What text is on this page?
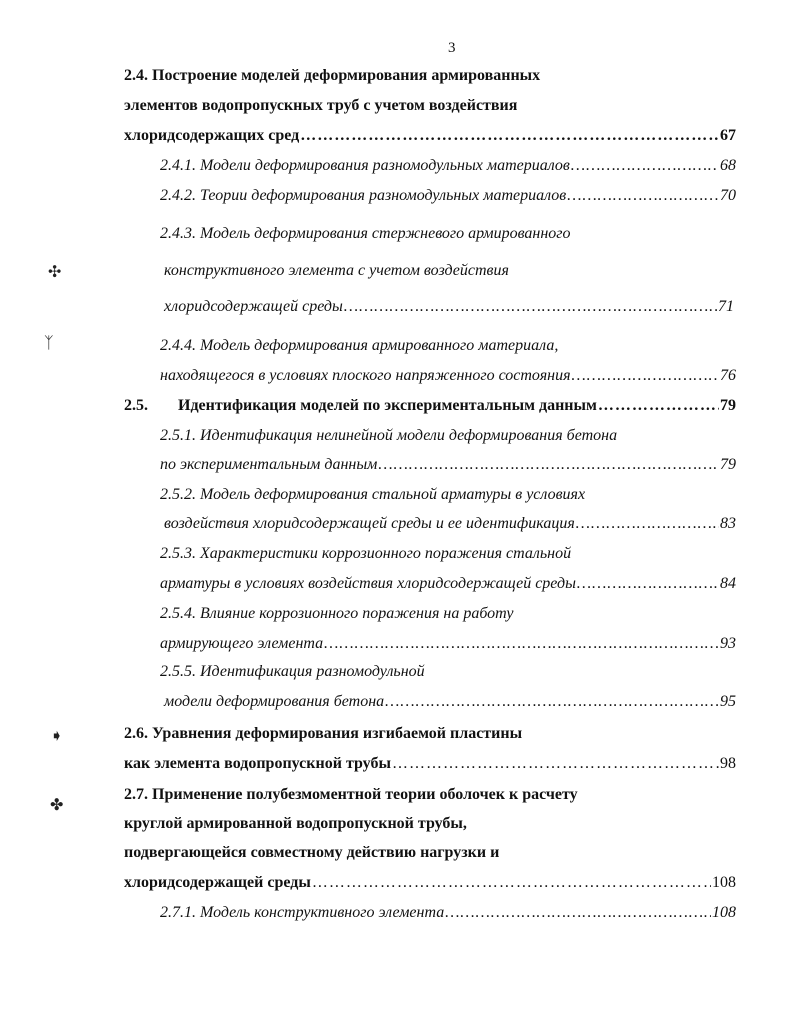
3
✣
ᛉ
➧
✤
2.4. Построение моделей деформирования армированных
элементов водопропускных труб с учетом воздействия
хлоридсодержащих сред ……………………………………………………………………………………………………………………………………………………………	67
2.4.1. Модели деформирования разномодульных материалов ……………………………………………………………………………………………………………………………………………………………	68
2.4.2. Теории деформирования разномодульных материалов ……………………………………………………………………………………………………………………………………………………………	70
2.4.3. Модель деформирования стержневого армированного
конструктивного элемента с учетом воздействия
хлоридсодержащей среды ……………………………………………………………………………………………………………………………………………………………	71
2.4.4. Модель деформирования армированного материала,
находящегося в условиях плоского напряженного состояния ……………………………………………………………………………………………………………………………………………………………	76
2.5.	Идентификация моделей по экспериментальным данным ……………………………………………………………………………………………………………………………………………………………	79
2.5.1. Идентификация нелинейной модели деформирования бетона
по экспериментальным данным ……………………………………………………………………………………………………………………………………………………………	79
2.5.2. Модель деформирования стальной арматуры в условиях
воздействия хлоридсодержащей среды и ее идентификация ……………………………………………………………………………………………………………………………………………………………	83
2.5.3. Характеристики коррозионного поражения стальной
арматуры в условиях воздействия хлоридсодержащей среды ……………………………………………………………………………………………………………………………………………………………	84
2.5.4. Влияние коррозионного поражения на работу
армирующего элемента ……………………………………………………………………………………………………………………………………………………………	93
2.5.5. Идентификация разномодульной
модели деформирования бетона ……………………………………………………………………………………………………………………………………………………………	95
2.6. Уравнения деформирования изгибаемой пластины
как элемента водопропускной трубы ……………………………………………………………………………………………………………………………………………………………	98
2.7. Применение полубезмоментной теории оболочек к расчету
круглой армированной водопропускной трубы,
подвергающейся совместному действию нагрузки и
хлоридсодержащей среды ……………………………………………………………………………………………………………………………………………………………	108
2.7.1. Модель конструктивного элемента ……………………………………………………………………………………………………………………………………………………………	108
